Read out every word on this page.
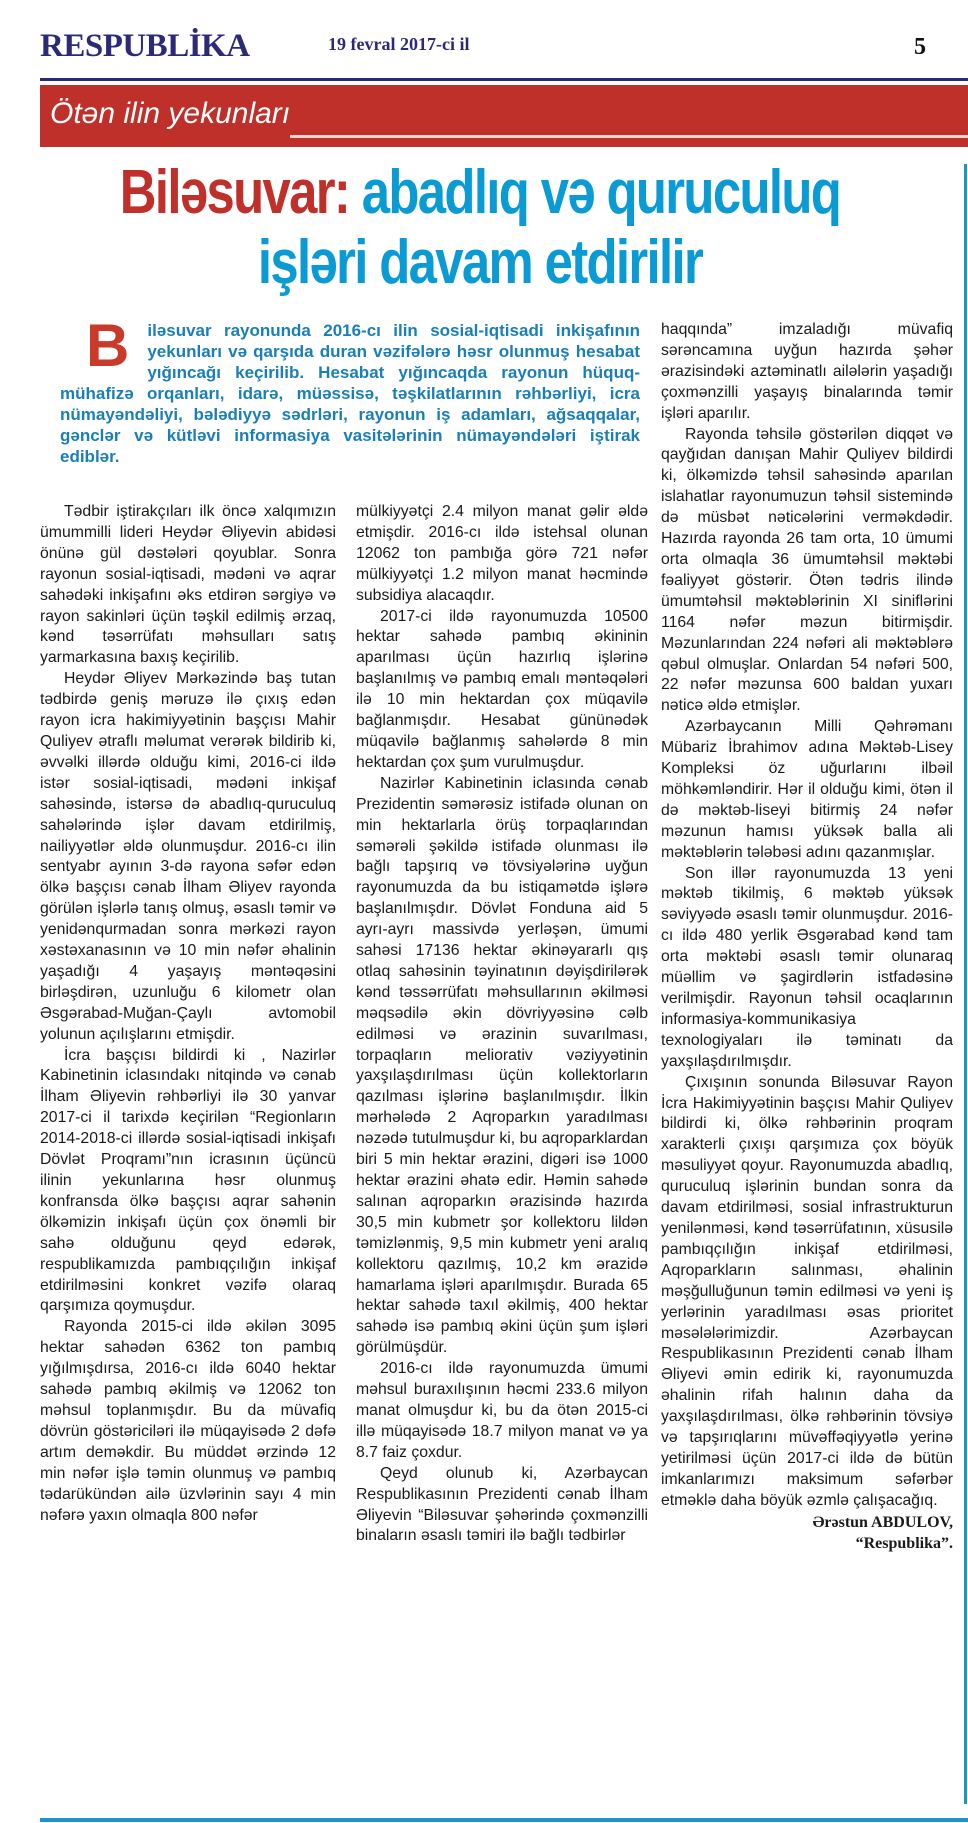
RESPUBLİKA	19 fevral 2017-ci il	5
Ötən ilin yekunları
Biləsuvar: abadlıq və quruculuq
işləri davam etdirilir
B iləsuvar rayonunda 2016-cı ilin sosial-iqtisadi inkişafının yekunları və qarşıda duran vəzifələrə həsr olunmuş hesabat yığıncağı keçirilib. Hesabat yığıncaqda rayonun hüquq-mühafizə orqanları, idarə, müəssisə, təşkilatlarının rəhbərliyi, icra nümayəndəliyi, bələdiyyə sədrləri, rayonun iş adamları, ağsaqqalar, gənclər və kütləvi informasiya vasitələrinin nümayəndələri iştirak ediblər.

Tədbir iştirakçıları ilk öncə xalqımızın ümummilli lideri Heydər Əliyevin abidəsi önünə gül dəstələri qoyublar. Sonra rayonun sosial-iqtisadi, mədəni və aqrar sahədəki inkişafını əks etdirən sərgiyə və rayon sakinləri üçün təşkil edilmiş ərzaq, kənd təsərrüfatı məhsulları satış yarmarkasına baxış keçirilib.

Heydər Əliyev Mərkəzində baş tutan tədbirdə geniş məruzə ilə çıxış edən rayon icra hakimiyyətinin başçısı Mahir Quliyev ətraflı məlumat verərək bildirib ki, əvvəlki illərdə olduğu kimi, 2016-ci ildə istər sosial-iqtisadi, mədəni inkişaf sahəsində, istərsə də abadlıq-quruculuq sahələrində işlər davam etdirilmiş, nailiyyətlər əldə olunmuşdur. 2016-cı ilin sentyabr ayının 3-də rayona səfər edən ölkə başçısı cənab İlham Əliyev rayonda görülən işlərlə tanış olmuş, əsaslı təmir və yenidənqurmadan sonra mərkəzi rayon xəstəxanasının və 10 min nəfər əhalinin yaşadığı 4 yaşayış məntəqəsini birləşdirən, uzunluğu 6 kilometr olan Əsgərabad-Muğan-Çaylı avtomobil yolunun açılışlarını etmişdir.

İcra başçısı bildirdi ki , Nazirlər Kabinetinin iclasındakı nitqində və cənab İlham Əliyevin rəhbərliyi ilə 30 yanvar 2017-ci il tarixdə keçirilən “Regionların 2014-2018-ci illərdə sosial-iqtisadi inkişafı Dövlət Proqramı”nın icrasının üçüncü ilinin yekunlarına həsr olunmuş konfransda ölkə başçısı aqrar sahənin ölkəmizin inkişafı üçün çox önəmli bir sahə olduğunu qeyd edərək, respublikamızda pambıqçılığın inkişaf etdirilməsini konkret vəzifə olaraq qarşımıza qoymuşdur.

Rayonda 2015-ci ildə əkilən 3095 hektar sahədən 6362 ton pambıq yığılmışdırsa, 2016-cı ildə 6040 hektar sahədə pambıq əkilmiş və 12062 ton məhsul toplanmışdır. Bu da müvafiq dövrün göstəriciləri ilə müqayisədə 2 dəfə artım deməkdir. Bu müddət ərzində 12 min nəfər işlə təmin olunmuş və pambıq tədarükündən ailə üzvlərinin sayı 4 min nəfərə yaxın olmaqla 800 nəfər

mülkiyyətçi 2.4 milyon manat gəlir əldə etmişdir. 2016-cı ildə istehsal olunan 12062 ton pambığa görə 721 nəfər mülkiyyətçi 1.2 milyon manat həcmində subsidiya alacaqdır.

2017-ci ildə rayonumuzda 10500 hektar sahədə pambıq əkininin aparılması üçün hazırlıq işlərinə başlanılmış və pambıq emalı məntəqələri ilə 10 min hektardan çox müqavilə bağlanmışdır. Hesabat gününədək müqavilə bağlanmış sahələrdə 8 min hektardan çox şum vurulmuşdur.

Nazirlər Kabinetinin iclasında cənab Prezidentin səmərəsiz istifadə olunan on min hektarlarla örüş torpaqlarından səmərəli şəkildə istifadə olunması ilə bağlı tapşırıq və tövsiyələrinə uyğun rayonumuzda da bu istiqamətdə işlərə başlanılmışdır. Dövlət Fonduna aid 5 ayrı-ayrı massivdə yerləşən, ümumi sahəsi 17136 hektar əkinəyararlı qış otlaq sahəsinin təyinatının dəyişdirilərək kənd təssərrüfatı məhsullarının əkilməsi məqsədilə əkin dövriyyəsinə cəlb edilməsi və ərazinin suvarılması, torpaqların meliorativ vəziyyətinin yaxşılaşdırılması üçün kollektorların qazılması işlərinə başlanılmışdır. İlkin mərhələdə 2 Aqroparkın yaradılması nəzədə tutulmuşdur ki, bu aqroparklardan biri 5 min hektar ərazini, digəri isə 1000 hektar ərazini əhatə edir. Həmin sahədə salınan aqroparkın ərazisində hazırda 30,5 min kubmetr şor kollektoru lildən təmizlənmiş, 9,5 min kubmetr yeni aralıq kollektoru qazılmış, 10,2 km ərazidə hamarlama işləri aparılmışdır. Burada 65 hektar sahədə taxıl əkilmiş, 400 hektar sahədə isə pambıq əkini üçün şum işləri görülmüşdür.

2016-cı ildə rayonumuzda ümumi məhsul buraxılışının həcmi 233.6 milyon manat olmuşdur ki, bu da ötən 2015-ci illə müqayisədə 18.7 milyon manat və ya 8.7 faiz çoxdur.

Qeyd olunub ki, Azərbaycan Respublikasının Prezidenti cənab İlham Əliyevin “Biləsuvar şəhərində çoxmənzilli binaların əsaslı təmiri ilə bağlı tədbirlər

haqqında” imzaladığı müvafiq sərəncamına uyğun hazırda şəhər ərazisindəki aztəminatlı ailələrin yaşadığı çoxmənzilli yaşayış binalarında təmir işləri aparılır.

Rayonda təhsilə göstərilən diqqət və qayğıdan danışan Mahir Quliyev bildirdi ki, ölkəmizdə təhsil sahəsində aparılan islahatlar rayonumuzun təhsil sistemində də müsbət nəticələrini verməkdədir. Hazırda rayonda 26 tam orta, 10 ümumi orta olmaqla 36 ümumtəhsil məktəbi fəaliyyət göstərir. Ötən tədris ilində ümumtəhsil məktəblərinin XI siniflərini 1164 nəfər məzun bitirmişdir. Məzunlarından 224 nəfəri ali məktəblərə qəbul olmuşlar. Onlardan 54 nəfəri 500, 22 nəfər məzunsa 600 baldan yuxarı nəticə əldə etmişlər.

Azərbaycanın Milli Qəhrəmanı Mübariz İbrahimov adına Məktəb-Lisey Kompleksi öz uğurlarını ilbəil möhkəmləndirir. Hər il olduğu kimi, ötən il də məktəb-liseyi bitirmiş 24 nəfər məzunun hamısı yüksək balla ali məktəblərin tələbəsi adını qazanmışlar.

Son illər rayonumuzda 13 yeni məktəb tikilmiş, 6 məktəb yüksək səviyyədə əsaslı təmir olunmuşdur. 2016-cı ildə 480 yerlik Əsgərabad kənd tam orta məktəbi əsaslı təmir olunaraq müəllim və şagirdlərin istfadəsinə verilmişdir. Rayonun təhsil ocaqlarının informasiya-kommunikasiya texnologiyaları ilə təminatı da yaxşılaşdırılmışdır.

Çıxışının sonunda Biləsuvar Rayon İcra Hakimiyyətinin başçısı Mahir Quliyev bildirdi ki, ölkə rəhbərinin proqram xarakterli çıxışı qarşımıza çox böyük məsuliyyət qoyur. Rayonumuzda abadlıq, quruculuq işlərinin bundan sonra da davam etdirilməsi, sosial infrastrukturun yenilənməsi, kənd təsərrüfatının, xüsusilə pambıqçılığın inkişaf etdirilməsi, Aqroparkların salınması, əhalinin məşğulluğunun təmin edilməsi və yeni iş yerlərinin yaradılması əsas prioritet məsələlərimizdir. Azərbaycan Respublikasının Prezidenti cənab İlham Əliyevi əmin edirik ki, rayonumuzda əhalinin rifah halının daha da yaxşılaşdırılması, ölkə rəhbərinin tövsiyə və tapşırıqlarını müvəffəqiyyətlə yerinə yetirilməsi üçün 2017-ci ildə də bütün imkanlarımızı maksimum səfərbər etməklə daha böyük əzmlə çalışacağıq.

Ərəstun ABDULOV,
“Respublika”.
